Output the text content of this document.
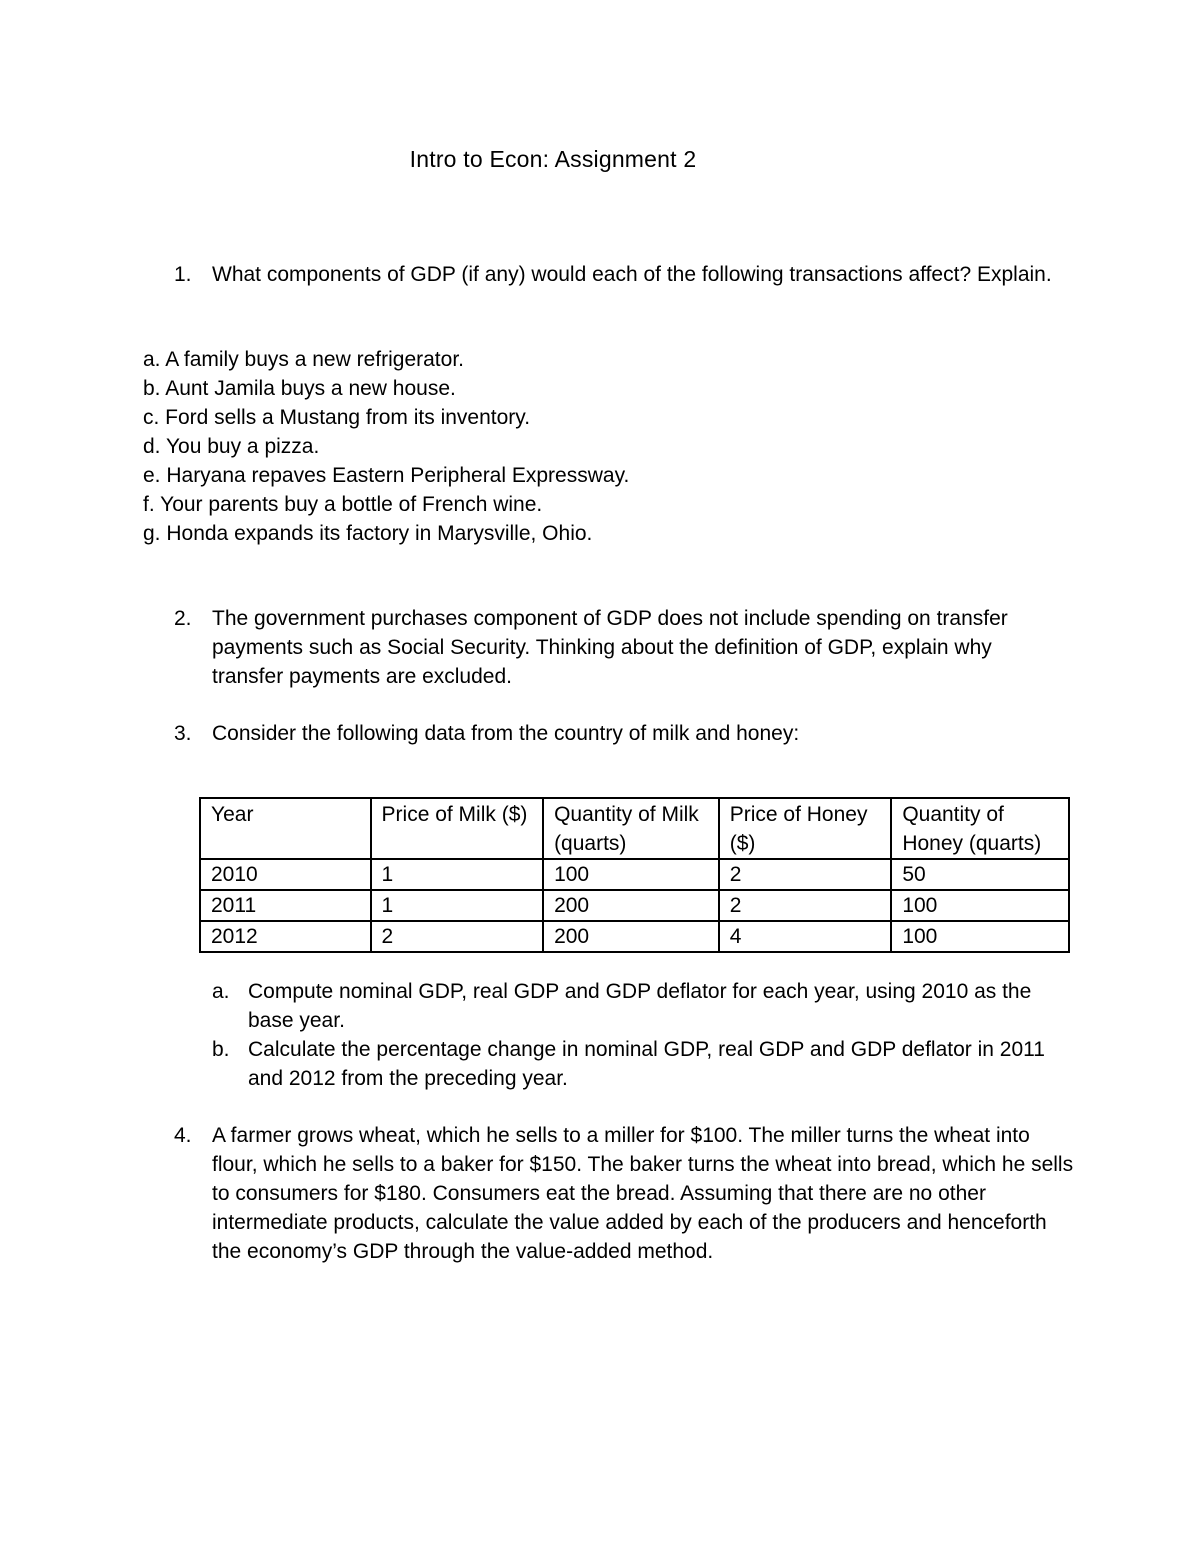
Intro to Econ: Assignment 2
1. What components of GDP (if any) would each of the following transactions affect? Explain.
a. A family buys a new refrigerator.
b. Aunt Jamila buys a new house.
c. Ford sells a Mustang from its inventory.
d. You buy a pizza.
e. Haryana repaves Eastern Peripheral Expressway.
f. Your parents buy a bottle of French wine.
g. Honda expands its factory in Marysville, Ohio.
2. The government purchases component of GDP does not include spending on transfer payments such as Social Security. Thinking about the definition of GDP, explain why transfer payments are excluded.
3. Consider the following data from the country of milk and honey:
Year	Price of Milk ($)	Quantity of Milk (quarts)	Price of Honey ($)	Quantity of Honey (quarts)
2010	1	100	2	50
2011	1	200	2	100
2012	2	200	4	100
a. Compute nominal GDP, real GDP and GDP deflator for each year, using 2010 as the base year.
b. Calculate the percentage change in nominal GDP, real GDP and GDP deflator in 2011 and 2012 from the preceding year.
4. A farmer grows wheat, which he sells to a miller for $100. The miller turns the wheat into flour, which he sells to a baker for $150. The baker turns the wheat into bread, which he sells to consumers for $180. Consumers eat the bread. Assuming that there are no other intermediate products, calculate the value added by each of the producers and henceforth the economy’s GDP through the value-added method.
